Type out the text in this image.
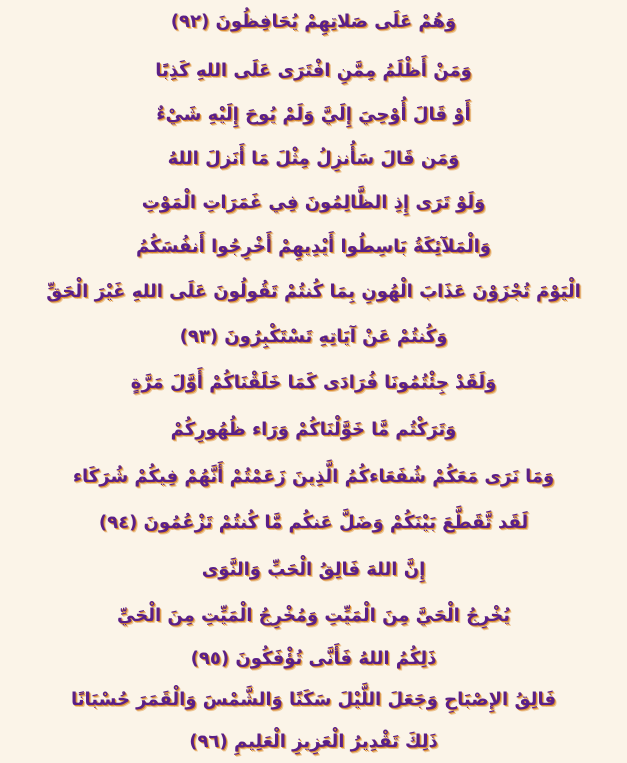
وَهُمْ عَلَى صَلاتِهِمْ يُحَافِظُونَ (٩٢)
وَمَنْ أَظْلَمُ مِمَّنِ افْتَرَى عَلَى اللهِ كَذِبًا
أَوْ قَالَ أُوْحِيَ إِلَيَّ وَلَمْ يُوحَ إِلَيْهِ شَيْءٌ
وَمَن قَالَ سَأُنزِلُ مِثْلَ مَا أَنَزلَ اللهُ
وَلَوْ تَرَى إِذِ الظَّالِمُونَ فِي غَمَرَاتِ الْمَوْتِ
وَالْمَلآئِكَةُ بَاسِطُوا أَيْدِيهِمْ أَخْرِجُوا أَنفُسَكُمُ
الْيَوْمَ تُجْزَوْنَ عَذَابَ الْهُونِ بِمَا كُنتُمْ تَقُولُونَ عَلَى اللهِ غَيْرَ الْحَقِّ
وَكُنتُمْ عَنْ آيَاتِهِ تَسْتَكْبِرُونَ (٩٣)
وَلَقَدْ جِئْتُمُونَا فُرَادَى كَمَا خَلَقْنَاكُمْ أَوَّلَ مَرَّةٍ
وَتَرَكْتُم مَّا خَوَّلْنَاكُمْ وَرَاء ظُهُورِكُمْ
وَمَا نَرَى مَعَكُمْ شُفَعَاءكُمُ الَّذِينَ زَعَمْتُمْ أَنَّهُمْ فِيكُمْ شُرَكَاء
لَقَد تَّقَطَّعَ بَيْنَكُمْ وَضَلَّ عَنكُم مَّا كُنتُمْ تَزْعُمُونَ (٩٤)
إِنَّ اللهَ فَالِقُ الْحَبِّ وَالنَّوَى
يُخْرِجُ الْحَيَّ مِنَ الْمَيِّتِ وَمُخْرِجُ الْمَيِّتِ مِنَ الْحَيِّ
ذَلِكُمُ اللهُ فَأَنَّى تُؤْفَكُونَ (٩٥)
فَالِقُ الإِصْبَاحِ وَجَعَلَ اللَّيْلَ سَكَنًا وَالشَّمْسَ وَالْقَمَرَ حُسْبَانًا
ذَلِكَ تَقْدِيرُ الْعَزِيزِ الْعَلِيمِ (٩٦)
